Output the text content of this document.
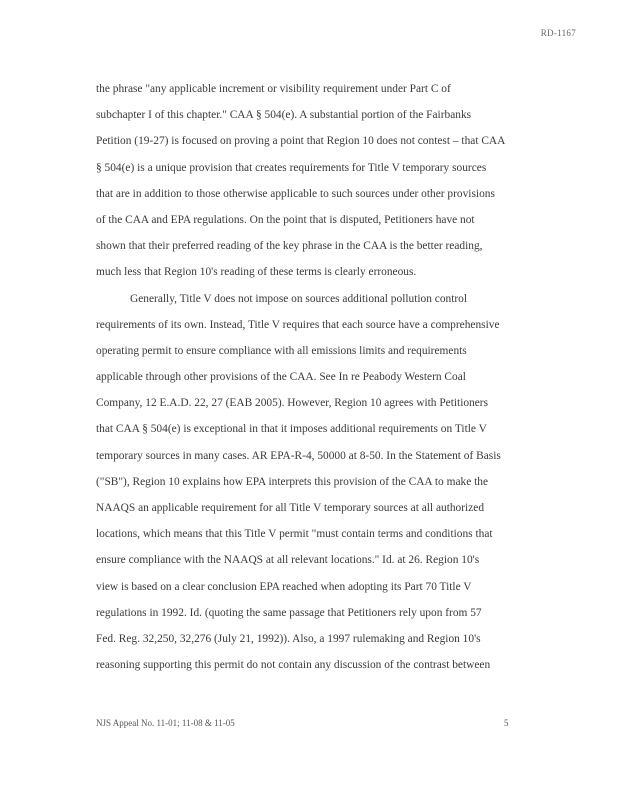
RD-1167
the phrase "any applicable increment or visibility requirement under Part C of
subchapter I of this chapter." CAA § 504(e). A substantial portion of the Fairbanks
Petition (19-27) is focused on proving a point that Region 10 does not contest – that CAA
§ 504(e) is a unique provision that creates requirements for Title V temporary sources
that are in addition to those otherwise applicable to such sources under other provisions
of the CAA and EPA regulations. On the point that is disputed, Petitioners have not
shown that their preferred reading of the key phrase in the CAA is the better reading,
much less that Region 10's reading of these terms is clearly erroneous.
Generally, Title V does not impose on sources additional pollution control
requirements of its own. Instead, Title V requires that each source have a comprehensive
operating permit to ensure compliance with all emissions limits and requirements
applicable through other provisions of the CAA. See In re Peabody Western Coal
Company, 12 E.A.D. 22, 27 (EAB 2005). However, Region 10 agrees with Petitioners
that CAA § 504(e) is exceptional in that it imposes additional requirements on Title V
temporary sources in many cases. AR EPA-R-4, 50000 at 8-50. In the Statement of Basis
("SB"), Region 10 explains how EPA interprets this provision of the CAA to make the
NAAQS an applicable requirement for all Title V temporary sources at all authorized
locations, which means that this Title V permit "must contain terms and conditions that
ensure compliance with the NAAQS at all relevant locations." Id. at 26. Region 10's
view is based on a clear conclusion EPA reached when adopting its Part 70 Title V
regulations in 1992. Id. (quoting the same passage that Petitioners rely upon from 57
Fed. Reg. 32,250, 32,276 (July 21, 1992)). Also, a 1997 rulemaking and Region 10's
reasoning supporting this permit do not contain any discussion of the contrast between
NJS Appeal No. 11-01; 11-08 & 11-05	5
